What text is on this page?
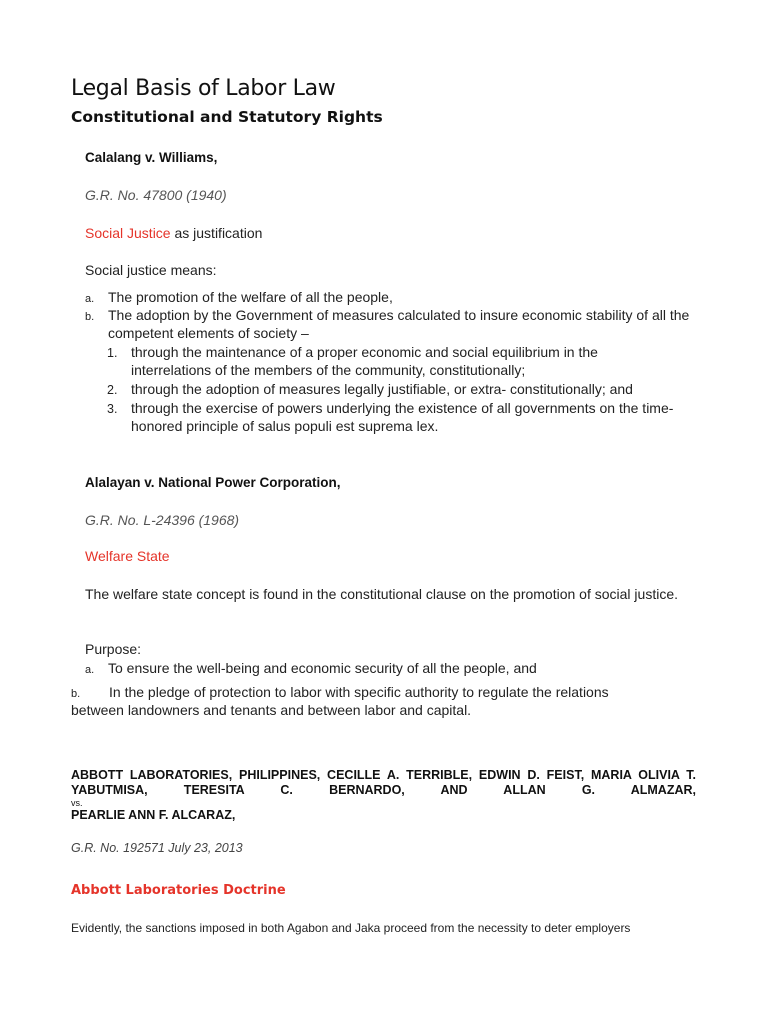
Legal Basis of Labor Law
Constitutional and Statutory Rights
Calalang v. Williams,
G.R. No. 47800 (1940)
Social Justice as justification
Social justice means:
a. The promotion of the welfare of all the people,
b. The adoption by the Government of measures calculated to insure economic stability of all the competent elements of society –
1. through the maintenance of a proper economic and social equilibrium in the interrelations of the members of the community, constitutionally;
2. through the adoption of measures legally justifiable, or extra- constitutionally; and
3. through the exercise of powers underlying the existence of all governments on the time-honored principle of salus populi est suprema lex.
Alalayan v. National Power Corporation,
G.R. No. L-24396 (1968)
Welfare State
The welfare state concept is found in the constitutional clause on the promotion of social justice.
Purpose:
a. To ensure the well-being and economic security of all the people, and
b. In the pledge of protection to labor with specific authority to regulate the relations
between landowners and tenants and between labor and capital.
ABBOTT LABORATORIES, PHILIPPINES, CECILLE A. TERRIBLE, EDWIN D. FEIST, MARIA OLIVIA T.
YABUTMISA, TERESITA C. BERNARDO, AND ALLAN G. ALMAZAR,
vs.
PEARLIE ANN F. ALCARAZ,
G.R. No. 192571 July 23, 2013
Abbott Laboratories Doctrine
Evidently, the sanctions imposed in both Agabon and Jaka proceed from the necessity to deter employers
